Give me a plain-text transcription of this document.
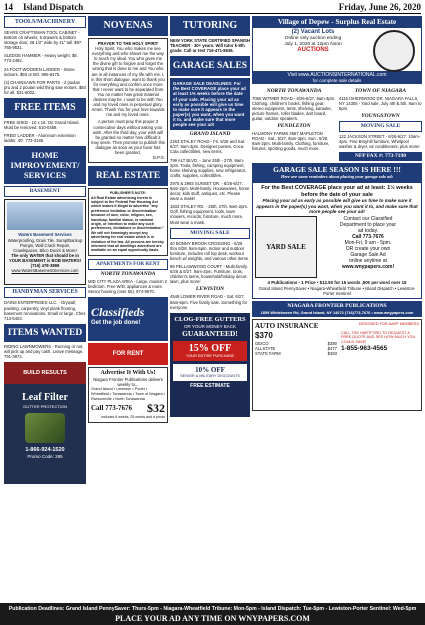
14 Island Dispatch	Friday, June 26, 2020
TOOLS/MACHINERY
SEARS CRAFTSMAN TOOL CABINET - Bottom on wheels, 5 drawers & bottom storage door, 26 1/2" wide by 41" tall. $97. 765-9631.
SLEDGE HAMMER - Heavy weight. $8. 773-2482.
24 FOOT WOODEN LADDER - Stone indoors. $50 or BO. 695-8475.
(4) CHAINSAWS FOR PARTS - 2 poulan pro and 2 poulan wild thing saw motors. $50 for all. 531-6002.
FREE ITEMS
FREE SHED - 10 x 16. On Grand Island. Must be removed. 510-0469.
FREE! LADDER - Aluminum extension ladder. 40'. 773-3185.
HOME IMPROVEMENT/ SERVICES
BASEMENT
Waters Basement Services
Waterproofing, Drain Tile, Sump/Backup Pumps, Wall Crack Repair, Crawlspaces, Bilco Doors & More!
The only WATER that should be in YOUR BASEMENT is BOB WATERS!
(716) 478-3898
www.WatersBasementServices.com
HANDYMAN SERVICES
DAINS ENTERPRISES LLC. - Drywall, painting, carpentry, vinyl plank flooring, basement renovations. Small or large. Chris 713-6403.
ITEMS WANTED
RIDING LAWNMOWERS - Running or not, will pick up and pay cash. Leave message. 791-3874.
BUILD RESULTS
Leaf Filter
GUTTER PROTECTION
1-866-924-1520
Promo Code: 285
NOVENAS
PRAYER TO THE HOLY SPIRIT
Holy Spirit, You who makes me see everything and who shows me the way to reach my ideal. You who gives me the divine gift to forgive and forget the wrong that is done to me and You who are in all instances of my life with me. I, in this short dialogue, want to thank you for everything and confirm once more that I never want to be separated from You no matter how great material desires may be. I want to be with You and my loved ones in perpetual glory. Amen. Thank You for your love towards me and my loved ones.
A person must pray this prayer 3 consecutive days without asking your wish. After the third day, your wish will be granted no matter how difficult it may seem. Then promise to publish this dialogue as soon as your favor has been granted.
D.P.G.
REAL ESTATE
PUBLISHER'S NOTE:
All Real Estate advertising herein is subject to the Federal Fair Housing Act which makes it illegal to advertise "any preference limitation or discrimination because of race, color, religion, sex, handicap, familial status, or national origin, or intention to make any such preferences, limitations or discrimination." We will not knowingly accept any advertising for real estate which is in violation of the law. All persons are hereby informed that all dwellings advertised are available on an equal opportunity basis.
APARTMENTS FOR RENT
NORTH TONAWANDA
MID CITY PLAZA AREA - Large, modern 2 bedroom. Free W/D, appliances & more. Senior housing (over 55). 874-6670.
Classifieds
Get the job done!
FOR RENT
Advertise It With Us!
Niagara Frontier Publications delivers weekly to...
Grand Island • Lewiston • Porter • Wheatfield • Tonawanda • Town of Niagara • Ransomville • North Tonawanda
Call 773-7676 $32
includes 6 weeks, 25 words and a photo
TUTORING
NEW YORK STATE CERTIFIED SPANISH TEACHER - 30+ years. Will tutor k-9th grade. Call or text 716-471-8636.
GARAGE SALES
GARAGE SALE DEADLINES: For the Best COVERAGE place your ad at least 1% weeks before the date of your sale. Placing your ad as early as possible will give us time to make sure it appears in the paper(s) you want, when you want it to, and make sure that more people see your ad!
GRAND ISLAND
2263 STALEY ROAD - Fri. 6/26 and Sat. 6/27. 9am-3pm. Designer purses, Coca-Cola collectibles, new items.
799 ALT BLVD. - June 25th - 27th. 9am-2pm. Tools, fishing, camping equipment, home shelving supplies, new refrigerator, crafts, supplies, collectibles.
2975 & 2983 SUNSET DR. - 6/26-6/27. 9am-2pm. Multi-family. Housewares, home decor, kids stuff, antiques, etc. Please wear a mask!
1833 STALEY RD. - 26th, 27th. 9am-2pm. Golf, fishing equipment, tools, lawn mowers, records, furniture, much more. Must wear a mask.
MOVING SALE
40 BONNY BROOK CROSSING - 6/26 thru 6/28. 9am-5pm. Indoor and outdoor furniture, includes roll top desk, workout bench w/ weights, and various other items.
98 PELLAWWOOD COURT - Multi-family. 6/26 & 6/27. 9am-2pm. Furniture, tools, children's items, household/holiday decor, lawn, plus more!
LEWISTON
4549 LOWER RIVER ROAD - Sat. 6/27. 8am-6pm. Five family sale. Something for everyone.
CLOG-FREE GUTTERS
OR YOUR MONEY BACK
GUARANTEED!
15% OFF
YOUR ENTIRE PURCHASE
10% OFF
SENIOR & MILITARY DISCOUNTS
FREE ESTIMATE
Village of Depew - Surplus Real Estate
(2) Vacant Lots
Online only auction ending
July 1, 2020 at 12pm Noon
AUCTIONS
Visit www.AUCTIONSINTERNATIONAL.com
for complete sale details
NORTH TONAWANDA
7050 WITMER ROAD - 6/26-6/27. 9am-3pm. Clothing, children's books, fishing gear, stereo equipment, tents, shelving, karaoke, picture frames, roller blades, dart board, guitar, outdoor speakers.
PENDLETON
HALMONY FARMS 4567 MAPLETON ROAD - Sat., 6/27. 9am-3pm. Sun., 6/28. 9am-2pm. Multi-family. Clothing, furniture, fixtures, sporting goods, much more.
TOWN OF NIAGARA
4115 ISHERWOOD DR. NIAGARA FALLS, NY 14305 - Yard sale, July 4th & 5th. 9am to 5pm.
YOUNGSTOWN
MOVING SALE
122 JACKSON STREET - 6/26-6/27. 10am-4pm. Fine Broyhill furniture, Whirlpool washer & dryer, air conditioners, plus more!
NFP FAX #: 773-7190
GARAGE SALE SEASON IS HERE !!!
Here are some reminders about placing your garage sale ad:
For the Best COVERAGE place your ad at least: 1½ weeks before the date of your sale
Placing your ad as early as possible will give us time to make sure it appears in the paper(s) you want, when you want it to, and make sure that more people see your ad!
YARD SALE
Contact our Classified
Department to place your
ad today.
Call 773-7676
Mon-Fri, 9 am - 5pm.
OR create your own
Garage Sale Ad
online anytime at
www.wnypapers.com!
4 Publications - 1 Price • $12.50 for 15 words ,50¢ per word over 15
Grand Island PennySaver • Niagara-Wheatfield Tribune • Island Dispatch • Lewiston-Porter Sentinel
NIAGARA FRONTIER PUBLICATIONS
1859 Whitehaven Rd, Grand Island, NY 14072 (716)773-7676 • www.wnypapers.com
AUTO INSURANCE	DESIGNED FOR AARP MEMBERS
$370
GEICO	$380
ALLSTATE	$477
STATE FARM	$383
CALL THE HARTFORD TO REQUEST A FREE QUOTE AND SEE HOW MUCH YOU COULD SAVE!
1-855-963-4565
Publication Deadlines: Grand Island PennySaver: Thurs-5pm - Niagara-Wheatfield Tribune: Mon-5pm - Island Dispatch: Tue-5pm - Lewiston-Porter Sentinel: Wed-5pm
PLACE YOUR AD ANY TIME ON WNYPAPERS.COM
